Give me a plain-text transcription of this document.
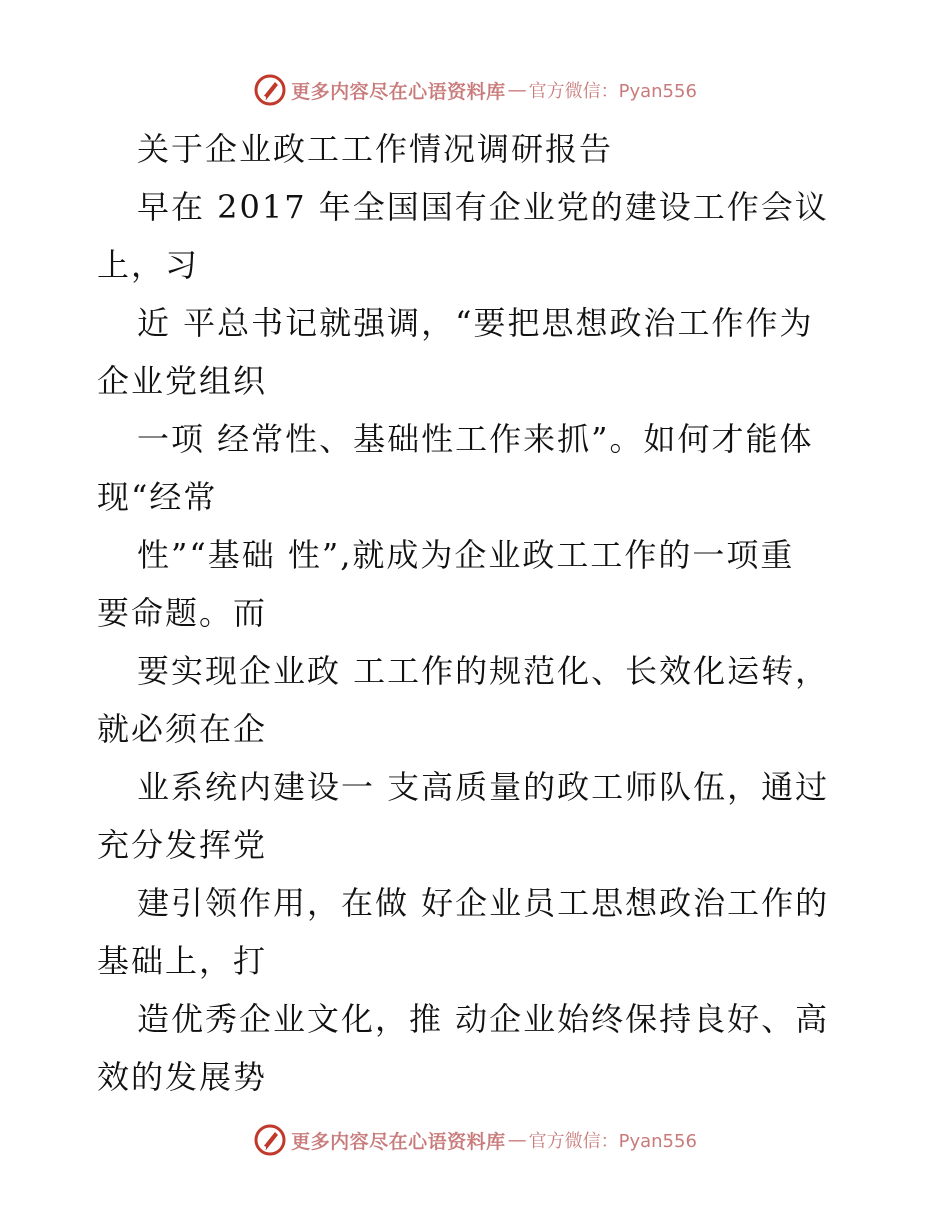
更多内容尽在心语资料库 — 官方微信：Pyan556
关于企业政工工作情况调研报告
早在 2017 年全国国有企业党的建设工作会议
上，习
近 平总书记就强调，“要把思想政治工作作为
企业党组织
一项 经常性、基础性工作来抓”。如何才能体
现“经常
性”“基础 性”,就成为企业政工工作的一项重
要命题。而
要实现企业政 工工作的规范化、长效化运转，
就必须在企
业系统内建设一 支高质量的政工师队伍，通过
充分发挥党
建引领作用，在做 好企业员工思想政治工作的
基础上，打
造优秀企业文化，推 动企业始终保持良好、高
效的发展势
更多内容尽在心语资料库 — 官方微信：Pyan556
